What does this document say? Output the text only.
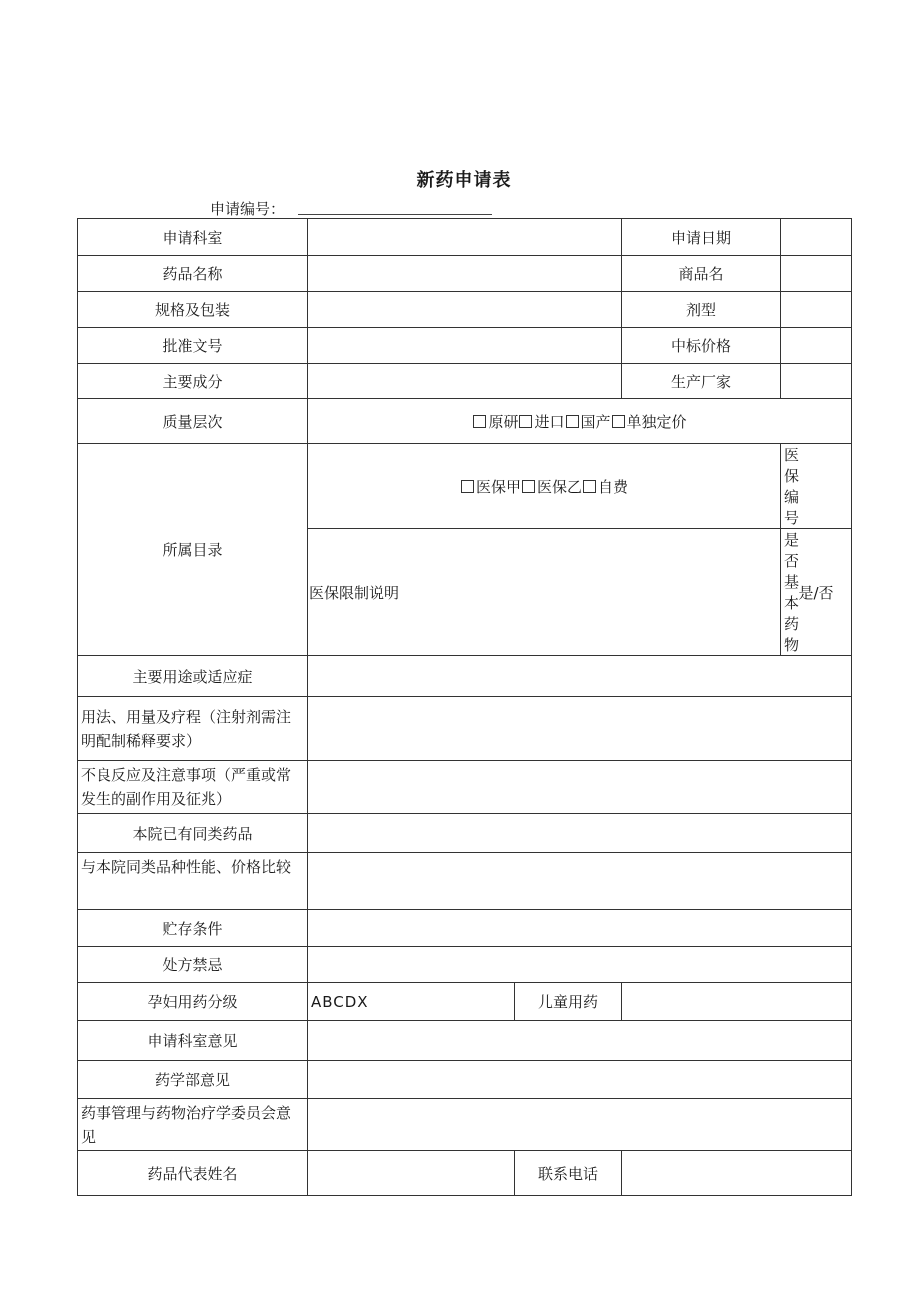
新药申请表
申请编号：
申请科室			申请日期	
药品名称			商品名	
规格及包装			剂型	
批准文号			中标价格	
主要成分			生产厂家	
质量层次	原研 进口 国产 单独定价			
所属目录	医保甲 医保乙 自费			医保编号	
	医保限制说明			是否基本药物	是/否
主要用途或适应症				
用法、用量及疗程（注射剂需注明配制稀释要求）				
不良反应及注意事项（严重或常发生的副作用及征兆）				
本院已有同类药品				
与本院同类品种性能、价格比较				
贮存条件				
处方禁忌				
孕妇用药分级	ABCDX	儿童用药		
申请科室意见				
药学部意见				
药事管理与药物治疗学委员会意见				
药品代表姓名		联系电话		
